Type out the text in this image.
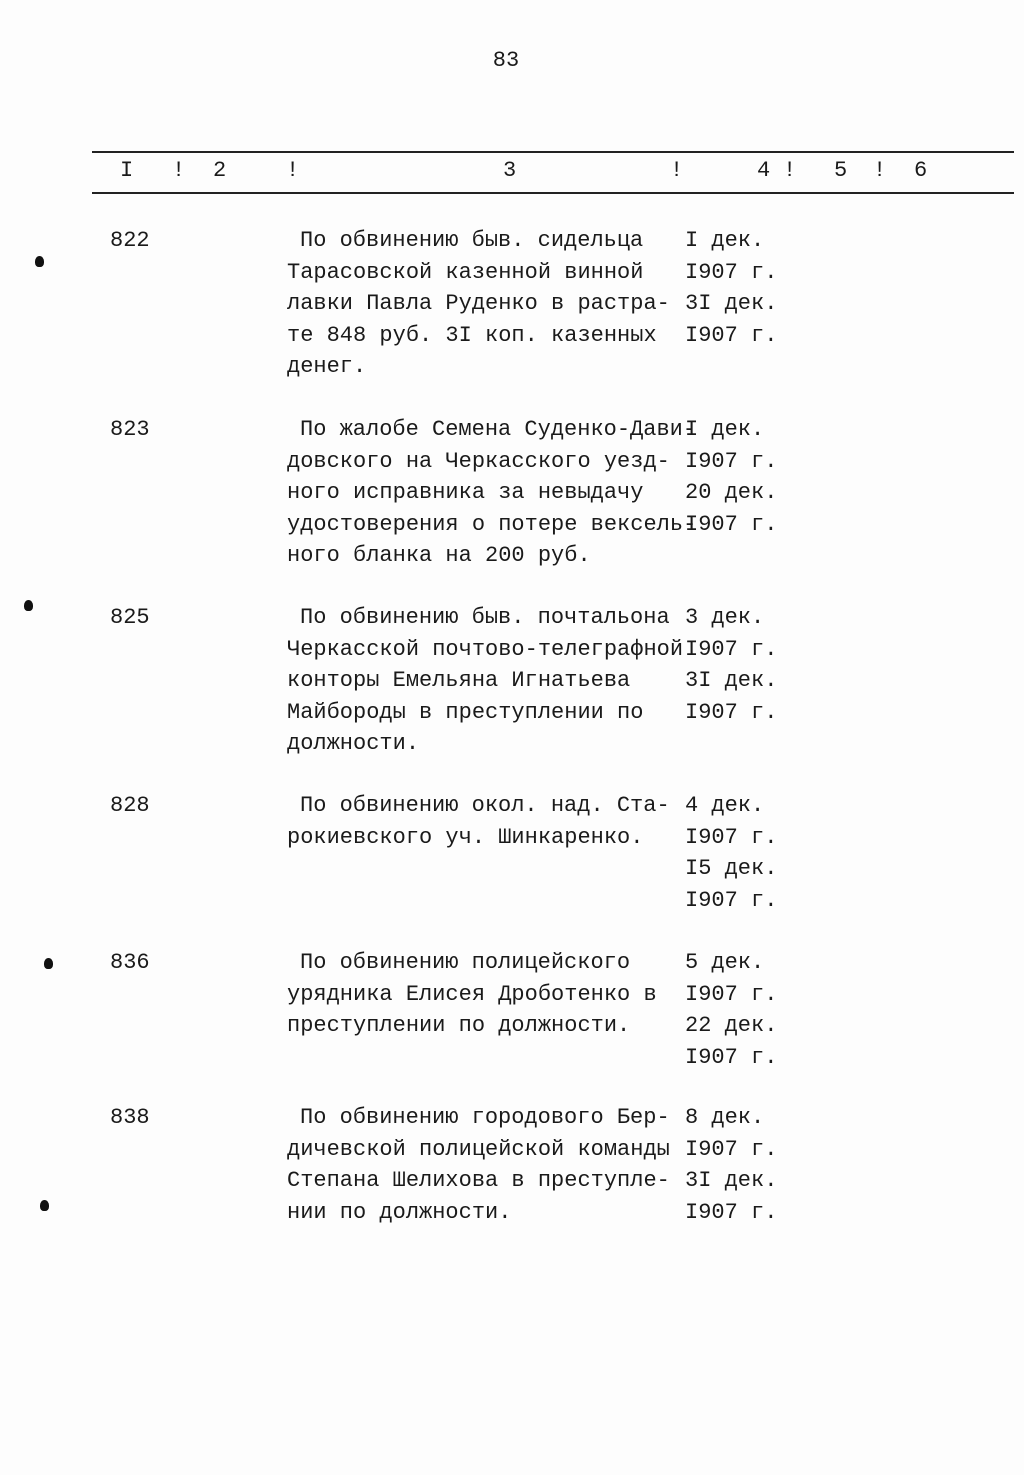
83
I ! 2	!	3	!	4 ! 5 ! 6
822	По обвинению быв. сидельца
Тарасовской казенной винной
лавки Павла Руденко в растра-
те 848 руб. 3I коп. казенных
денег.
I дек.
I907 г.
3I дек.
I907 г.
823	По жалобе Семена Суденко-Дави-
довского на Черкасского уезд-
ного исправника за невыдачу
удостоверения о потере вексель-
ного бланка на 200 руб.
I дек.
I907 г.
20 дек.
I907 г.
825	По обвинению быв. почтальона
Черкасской почтово-телеграфной
конторы Емельяна Игнатьева
Майбороды в преступлении по
должности.
3 дек.
I907 г.
3I дек.
I907 г.
828	По обвинению окол. над. Ста-
рокиевского уч. Шинкаренко.
4 дек.
I907 г.
I5 дек.
I907 г.
836	По обвинению полицейского
урядника Елисея Дроботенко в
преступлении по должности.
5 дек.
I907 г.
22 дек.
I907 г.
838	По обвинению городового Бер-
дичевской полицейской команды
Степана Шелихова в преступле-
нии по должности.
8 дек.
I907 г.
3I дек.
I907 г.
